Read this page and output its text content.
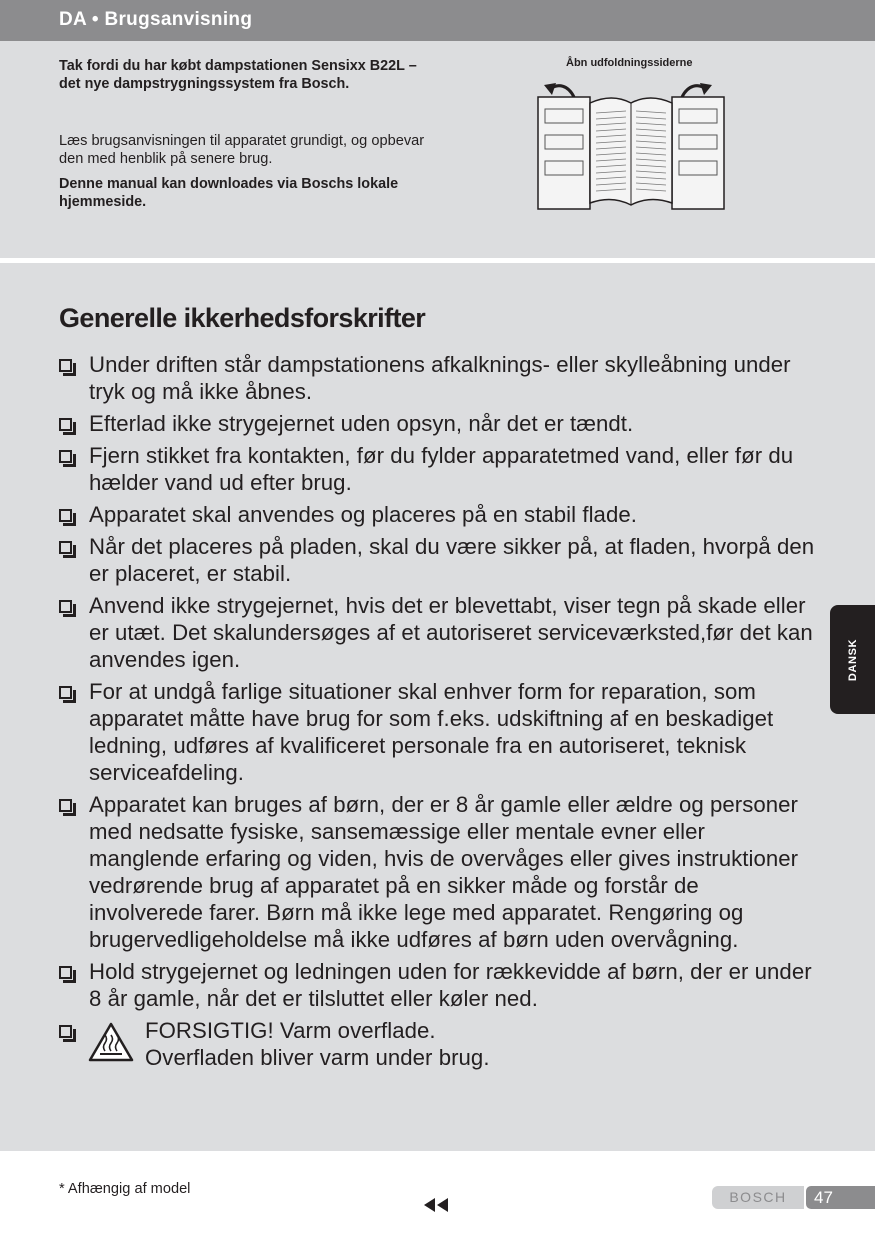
DA • Brugsanvisning
Tak fordi du har købt dampstationen Sensixx B22L – det nye dampstrygningssystem fra Bosch.
Læs brugsanvisningen til apparatet grundigt, og opbevar den med henblik på senere brug.
Denne manual kan downloades via Boschs lokale hjemmeside.
Åbn udfoldningssiderne
Generelle ikkerhedsforskrifter
Under driften står dampstationens afkalknings- eller skylleåbning under tryk og må ikke åbnes.
Efterlad ikke strygejernet uden opsyn, når det er tændt.
Fjern stikket fra kontakten, før du fylder apparatetmed vand, eller før du hælder vand ud efter brug.
Apparatet skal anvendes og placeres på en stabil flade.
Når det placeres på pladen, skal du være sikker på, at fladen, hvorpå den er placeret, er stabil.
Anvend ikke strygejernet, hvis det er blevettabt, viser tegn på skade eller er utæt. Det skalundersøges af et autoriseret serviceværksted,før det kan anvendes igen.
For at undgå farlige situationer skal enhver form for reparation, som apparatet måtte have brug for som f.eks. udskiftning af en beskadiget ledning, udføres af kvalificeret personale fra en autoriseret, teknisk serviceafdeling.
Apparatet kan bruges af børn, der er 8 år gamle eller ældre og personer med nedsatte fysiske, sansemæssige eller mentale evner eller manglende erfaring og viden, hvis de overvåges eller gives instruktioner vedrørende brug af apparatet på en sikker måde og forstår de involverede farer. Børn må ikke lege med apparatet. Rengøring og brugervedligeholdelse må ikke udføres af børn uden overvågning.
Hold strygejernet og ledningen uden for rækkevidde af børn, der er under 8 år gamle, når det er tilsluttet eller køler ned.
FORSIGTIG! Varm overflade.
Overfladen bliver varm under brug.
DANSK
* Afhængig af model	BOSCH	47
